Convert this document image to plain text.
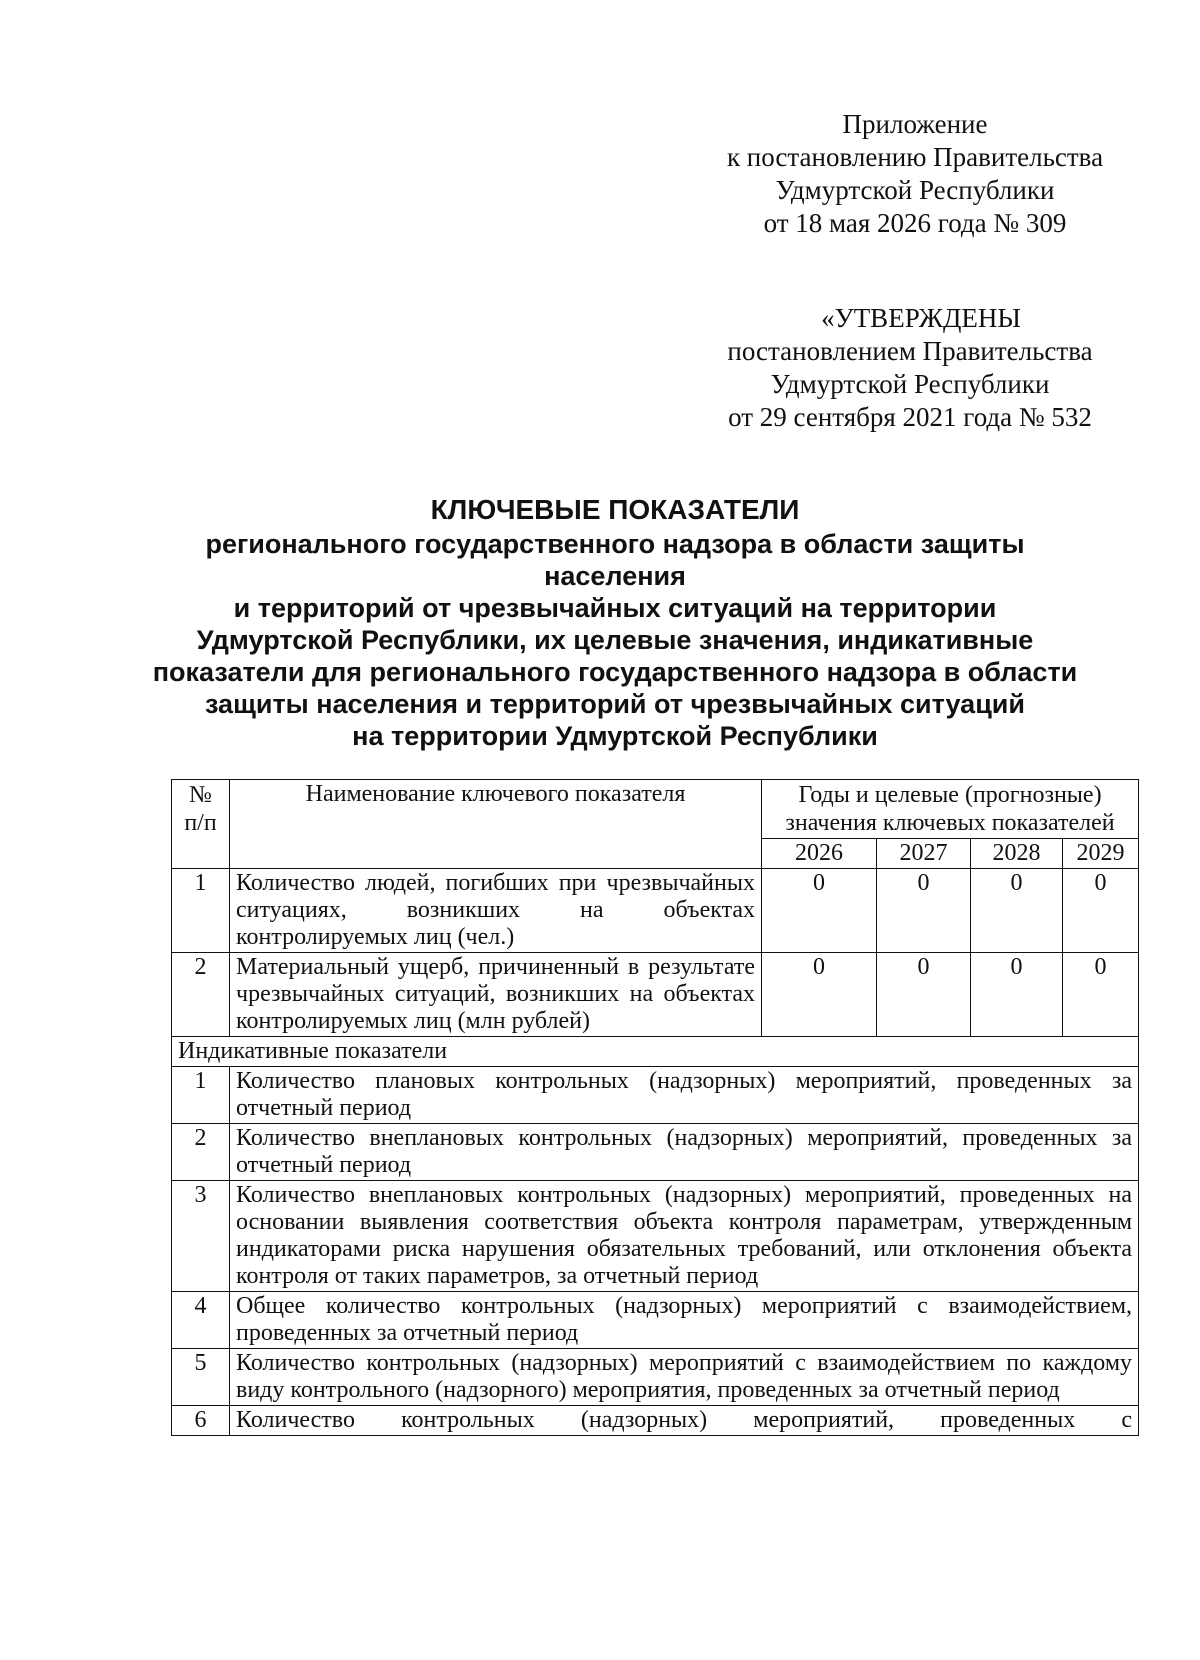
Приложение
к постановлению Правительства
Удмуртской Республики
от 18 мая 2026 года № 309
«УТВЕРЖДЕНЫ
постановлением Правительства
Удмуртской Республики
от 29 сентября 2021 года № 532
КЛЮЧЕВЫЕ ПОКАЗАТЕЛИ
регионального государственного надзора в области защиты населения
и территорий от чрезвычайных ситуаций на территории
Удмуртской Республики, их целевые значения, индикативные
показатели для регионального государственного надзора в области
защиты населения и территорий от чрезвычайных ситуаций
на территории Удмуртской Республики
№ п/п	Наименование ключевого показателя	Годы и целевые (прогнозные) значения ключевых показателей			
		2026	2027	2028	2029
1	Количество людей, погибших при чрезвычайных ситуациях, возникших на объектах контролируемых лиц (чел.)	0	0	0	0
2	Материальный ущерб, причиненный в результате чрезвычайных ситуаций, возникших на объектах контролируемых лиц (млн рублей)	0	0	0	0
Индикативные показатели					
1	Количество плановых контрольных (надзорных) мероприятий, проведенных за отчетный период				
2	Количество внеплановых контрольных (надзорных) мероприятий, проведенных за отчетный период				
3	Количество внеплановых контрольных (надзорных) мероприятий, проведенных на основании выявления соответствия объекта контроля параметрам, утвержденным индикаторами риска нарушения обязательных требований, или отклонения объекта контроля от таких параметров, за отчетный период				
4	Общее количество контрольных (надзорных) мероприятий с взаимодействием, проведенных за отчетный период				
5	Количество контрольных (надзорных) мероприятий с взаимодействием по каждому виду контрольного (надзорного) мероприятия, проведенных за отчетный период				
6	Количество контрольных (надзорных) мероприятий, проведенных с				
